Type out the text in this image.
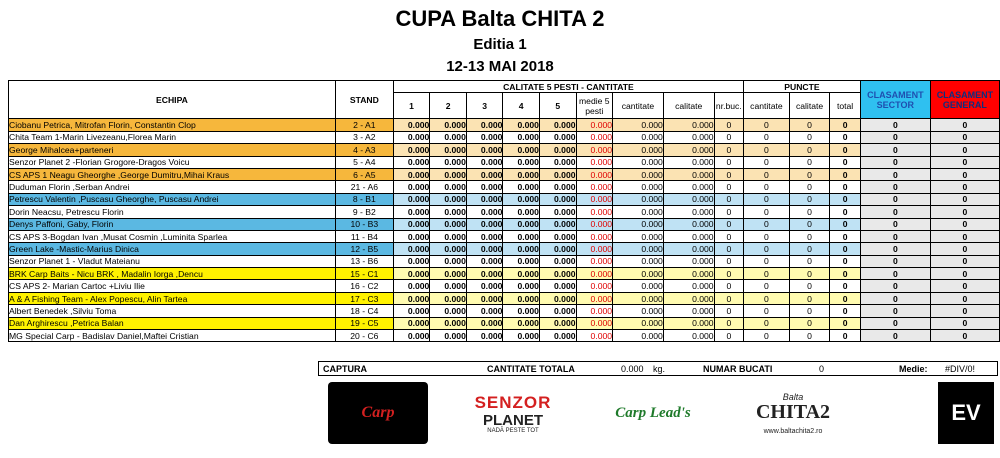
CUPA Balta CHITA 2
Editia 1
12-13 MAI 2018
ECHIPA	STAND	CALITATE 5 PESTI - CANTITATE									PUNCTE			CLASAMENT SECTOR	CLASAMENT GENERAL
		1	2	3	4	5	medie 5 pesti	cantitate	calitate	nr.buc.	cantitate	calitate	total		
Ciobanu Petrica, Mitrofan Florin, Constantin Clop	2 - A1	0.000	0.000	0.000	0.000	0.000	0.000	0.000	0.000	0	0	0	0	0	0
Chita Team 1-Marin Livezeanu,Florea Marin	3 - A2	0.000	0.000	0.000	0.000	0.000	0.000	0.000	0.000	0	0	0	0	0	0
George Mihalcea+parteneri	4 - A3	0.000	0.000	0.000	0.000	0.000	0.000	0.000	0.000	0	0	0	0	0	0
Senzor Planet 2 -Florian Grogore-Dragos Voicu	5 - A4	0.000	0.000	0.000	0.000	0.000	0.000	0.000	0.000	0	0	0	0	0	0
CS APS 1 Neagu Gheorghe ,George Dumitru,Mihai Kraus	6 - A5	0.000	0.000	0.000	0.000	0.000	0.000	0.000	0.000	0	0	0	0	0	0
Duduman Florin ,Serban Andrei	21 - A6	0.000	0.000	0.000	0.000	0.000	0.000	0.000	0.000	0	0	0	0	0	0
Petrescu Valentin ,Puscasu Gheorghe, Puscasu Andrei	8 - B1	0.000	0.000	0.000	0.000	0.000	0.000	0.000	0.000	0	0	0	0	0	0
Dorin Neacsu, Petrescu Florin	9 - B2	0.000	0.000	0.000	0.000	0.000	0.000	0.000	0.000	0	0	0	0	0	0
Denys Paffoni, Gaby, Florin	10 - B3	0.000	0.000	0.000	0.000	0.000	0.000	0.000	0.000	0	0	0	0	0	0
CS APS 3-Bogdan Ivan ,Musat Cosmin ,Luminita Sparlea	11 - B4	0.000	0.000	0.000	0.000	0.000	0.000	0.000	0.000	0	0	0	0	0	0
Green Lake -Mastic-Marius Dinica	12 - B5	0.000	0.000	0.000	0.000	0.000	0.000	0.000	0.000	0	0	0	0	0	0
Senzor Planet 1 - Vladut Mateianu	13 - B6	0.000	0.000	0.000	0.000	0.000	0.000	0.000	0.000	0	0	0	0	0	0
BRK Carp Baits - Nicu BRK , Madalin Iorga ,Dencu	15 - C1	0.000	0.000	0.000	0.000	0.000	0.000	0.000	0.000	0	0	0	0	0	0
CS APS 2- Marian Cartoc +Liviu Ilie	16 - C2	0.000	0.000	0.000	0.000	0.000	0.000	0.000	0.000	0	0	0	0	0	0
A & A Fishing Team - Alex Popescu, Alin Tartea	17 - C3	0.000	0.000	0.000	0.000	0.000	0.000	0.000	0.000	0	0	0	0	0	0
Albert Benedek ,Silviu Toma	18 - C4	0.000	0.000	0.000	0.000	0.000	0.000	0.000	0.000	0	0	0	0	0	0
Dan Arghirescu ,Petrica Balan	19 - C5	0.000	0.000	0.000	0.000	0.000	0.000	0.000	0.000	0	0	0	0	0	0
MG Special Carp - Badislav Daniel,Maftei Cristian	20 - C6	0.000	0.000	0.000	0.000	0.000	0.000	0.000	0.000	0	0	0	0	0	0
CAPTURA	CANTITATE TOTALA	0.000 kg.	NUMAR BUCATI	0	Medie: #DIV/0!
Carp
SENZOR
PLANET
NADĂ PESTE TOT
Carp Lead's
Balta
CHITA2
www.baltachita2.ro
EV
